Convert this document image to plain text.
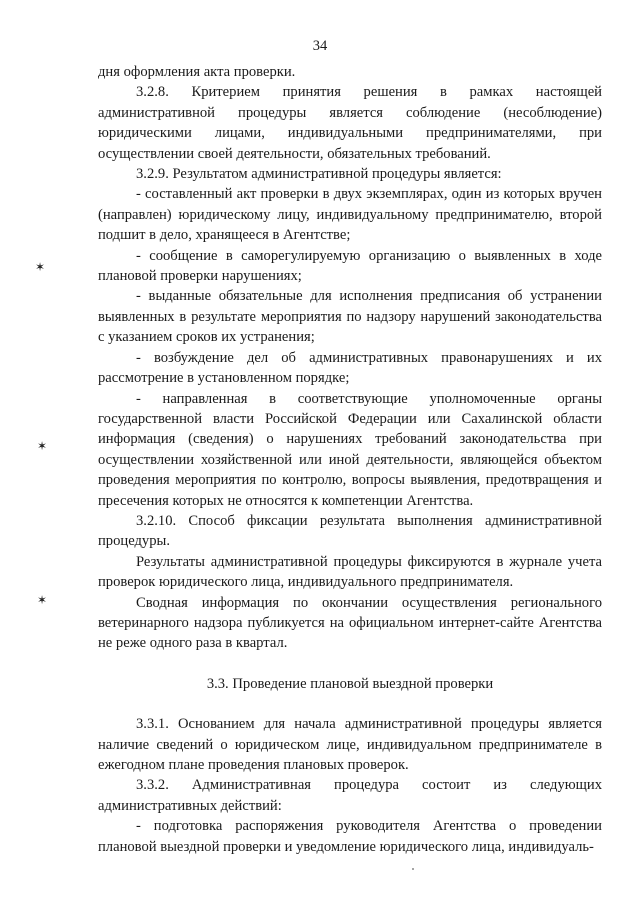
34

дня оформления акта проверки.

3.2.8. Критерием принятия решения в рамках настоящей административной процедуры является соблюдение (несоблюдение) юридическими лицами, индивидуальными предпринимателями, при осуществлении своей деятельности, обязательных требований.

3.2.9. Результатом административной процедуры является:

- составленный акт проверки в двух экземплярах, один из которых вручен (направлен) юридическому лицу, индивидуальному предпринимателю, второй подшит в дело, хранящееся в Агентстве;

- сообщение в саморегулируемую организацию о выявленных в ходе плановой проверки нарушениях;

- выданные обязательные для исполнения предписания об устранении выявленных в результате мероприятия по надзору нарушений законодательства с указанием сроков их устранения;

- возбуждение дел об административных правонарушениях и их рассмотрение в установленном порядке;

- направленная в соответствующие уполномоченные органы государственной власти Российской Федерации или Сахалинской области информация (сведения) о нарушениях требований законодательства при осуществлении хозяйственной или иной деятельности, являющейся объектом проведения мероприятия по контролю, вопросы выявления, предотвращения и пресечения которых не относятся к компетенции Агентства.

3.2.10. Способ фиксации результата выполнения административной процедуры.

Результаты административной процедуры фиксируются в журнале учета проверок юридического лица, индивидуального предпринимателя.

Сводная информация по окончании осуществления регионального ветеринарного надзора публикуется на официальном интернет-сайте Агентства не реже одного раза в квартал.

3.3. Проведение плановой выездной проверки

3.3.1. Основанием для начала административной процедуры является наличие сведений о юридическом лице, индивидуальном предпринимателе в ежегодном плане проведения плановых проверок.

3.3.2. Административная процедура состоит из следующих административных действий:

- подготовка распоряжения руководителя Агентства о проведении плановой выездной проверки и уведомление юридического лица, индивидуаль-

✶
✶
✶
